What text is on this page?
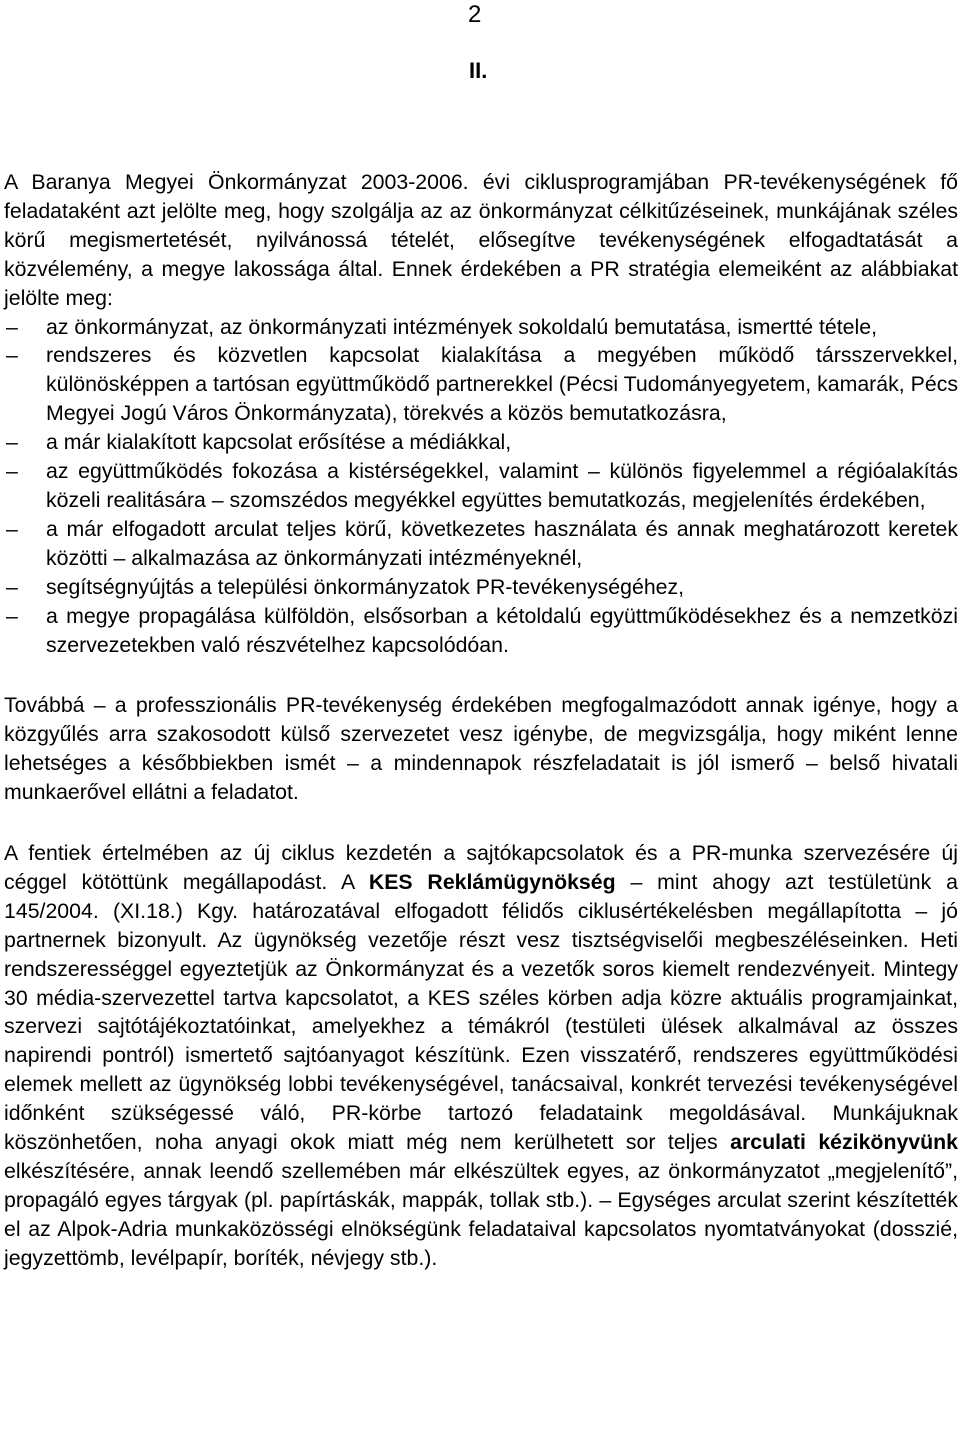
2
II.

A Baranya Megyei Önkormányzat 2003-2006. évi ciklusprogramjában PR-tevékenységének fő feladataként azt jelölte meg, hogy szolgálja az az önkormányzat célkitűzéseinek, munkájának széles körű megismertetését, nyilvánossá tételét, elősegítve tevékenységének elfogadtatását a közvélemény, a megye lakossága által. Ennek érdekében a PR stratégia elemeiként az alábbiakat jelölte meg:

– az önkormányzat, az önkormányzati intézmények sokoldalú bemutatása, ismertté tétele,
– rendszeres és közvetlen kapcsolat kialakítása a megyében működő társszervekkel, különösképpen a tartósan együttműködő partnerekkel (Pécsi Tudományegyetem, kamarák, Pécs Megyei Jogú Város Önkormányzata), törekvés a közös bemutatkozásra,
– a már kialakított kapcsolat erősítése a médiákkal,
– az együttműködés fokozása a kistérségekkel, valamint – különös figyelemmel a régióalakítás közeli realitására – szomszédos megyékkel együttes bemutatkozás, megjelenítés érdekében,
– a már elfogadott arculat teljes körű, következetes használata és annak meghatározott keretek közötti – alkalmazása az önkormányzati intézményeknél,
– segítségnyújtás a települési önkormányzatok PR-tevékenységéhez,
– a megye propagálása külföldön, elsősorban a kétoldalú együttműködésekhez és a nemzetközi szervezetekben való részvételhez kapcsolódóan.

Továbbá – a professzionális PR-tevékenység érdekében megfogalmazódott annak igénye, hogy a közgyűlés arra szakosodott külső szervezetet vesz igénybe, de megvizsgálja, hogy miként lenne lehetséges a későbbiekben ismét – a mindennapok részfeladatait is jól ismerő – belső hivatali munkaerővel ellátni a feladatot.

A fentiek értelmében az új ciklus kezdetén a sajtókapcsolatok és a PR-munka szervezésére új céggel kötöttünk megállapodást. A KES Reklámügynökség – mint ahogy azt testületünk a 145/2004. (XI.18.) Kgy. határozatával elfogadott félidős ciklusértékelésben megállapította – jó partnernek bizonyult. Az ügynökség vezetője részt vesz tisztségviselői megbeszéléseinken. Heti rendszerességgel egyeztetjük az Önkormányzat és a vezetők soros kiemelt rendezvényeit. Mintegy 30 média-szervezettel tartva kapcsolatot, a KES széles körben adja közre aktuális programjainkat, szervezi sajtótájékoztatóinkat, amelyekhez a témákról (testületi ülések alkalmával az összes napirendi pontról) ismertető sajtóanyagot készítünk. Ezen visszatérő, rendszeres együttműködési elemek mellett az ügynökség lobbi tevékenységével, tanácsaival, konkrét tervezési tevékenységével időnként szükségessé váló, PR-körbe tartozó feladataink megoldásával. Munkájuknak köszönhetően, noha anyagi okok miatt még nem kerülhetett sor teljes arculati kézikönyvünk elkészítésére, annak leendő szellemében már elkészültek egyes, az önkormányzatot „megjelenítő”, propagáló egyes tárgyak (pl. papírtáskák, mappák, tollak stb.). – Egységes arculat szerint készítették el az Alpok-Adria munkaközösségi elnökségünk feladataival kapcsolatos nyomtatványokat (dosszié, jegyzettömb, levélpapír, boríték, névjegy stb.).
